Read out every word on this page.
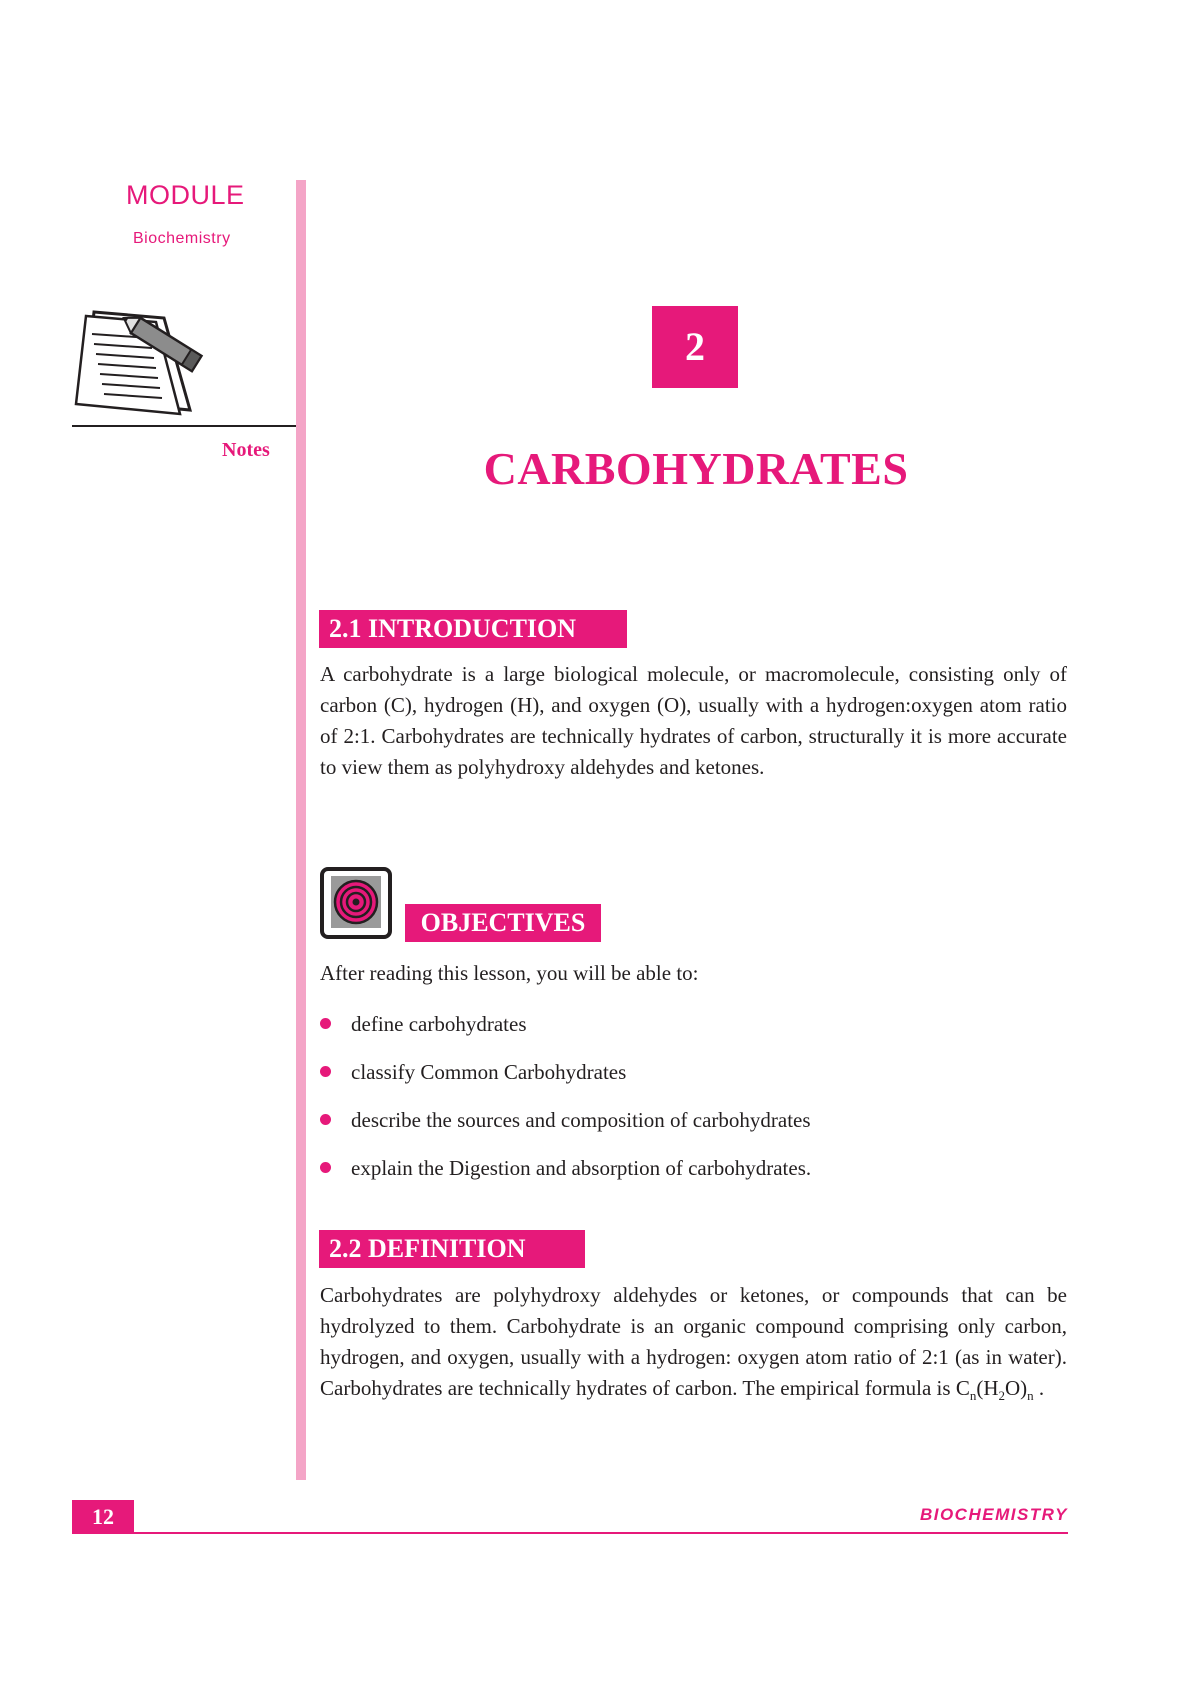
MODULE
Biochemistry
Notes
2
CARBOHYDRATES
2.1 INTRODUCTION
A carbohydrate is a large biological molecule, or macromolecule, consisting only of carbon (C), hydrogen (H), and oxygen (O), usually with a hydrogen:oxygen atom ratio of 2:1. Carbohydrates are technically hydrates of carbon, structurally it is more accurate to view them as polyhydroxy aldehydes and ketones.
OBJECTIVES
After reading this lesson, you will be able to:
define carbohydrates
classify Common Carbohydrates
describe the sources and composition of carbohydrates
explain the Digestion and absorption of carbohydrates.
2.2 DEFINITION
Carbohydrates are polyhydroxy aldehydes or ketones, or compounds that can be hydrolyzed to them. Carbohydrate is an organic compound comprising only carbon, hydrogen, and oxygen, usually with a hydrogen: oxygen atom ratio of 2:1 (as in water). Carbohydrates are technically hydrates of carbon. The empirical formula is $C_n(H_2O)_n$ .
12	BIOCHEMISTRY
